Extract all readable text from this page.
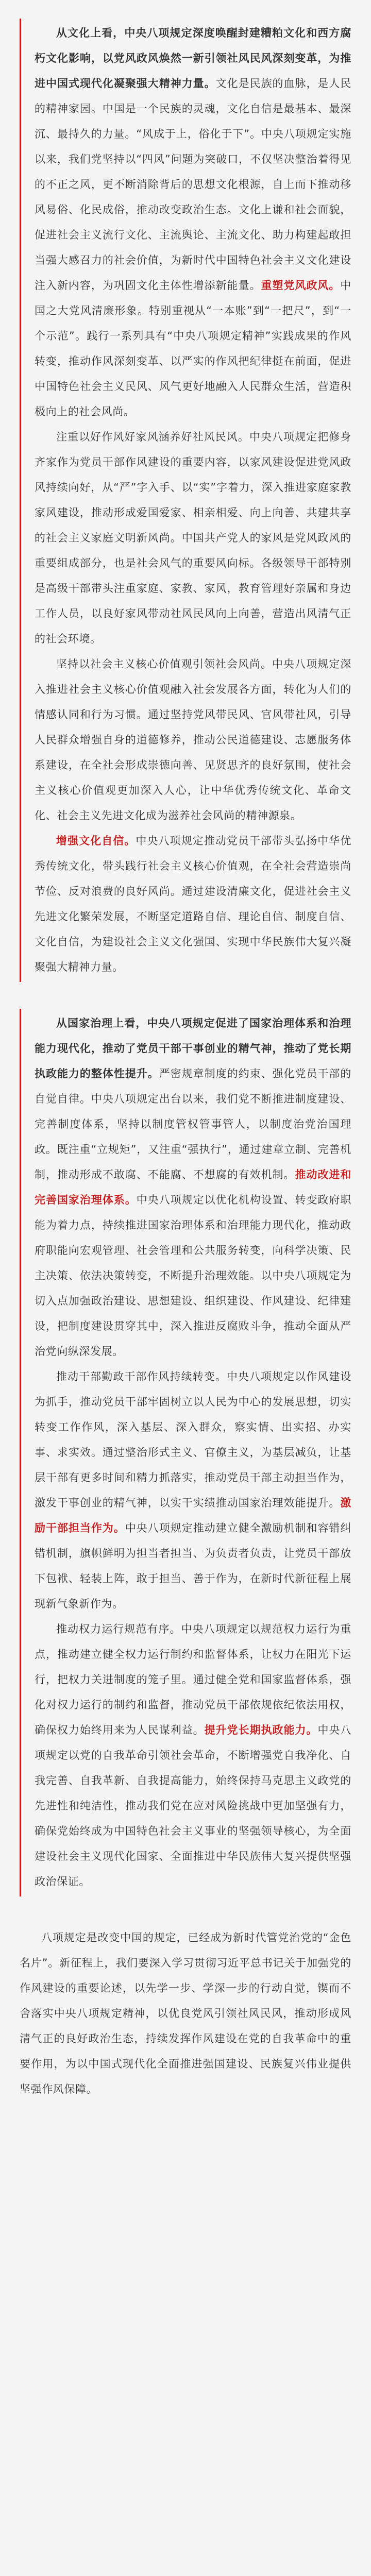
从文化上看，中央八项规定深度唤醒封建糟粕文化和西方腐朽文化影响，以党风政风焕然一新引领社风民风深刻变革，为推进中国式现代化凝聚强大精神力量。文化是民族的血脉，是人民的精神家园。中国是一个民族的灵魂，文化自信是最基本、最深沉、最持久的力量。“风成于上，俗化于下”。中央八项规定实施以来，我们党坚持以“四风”问题为突破口，不仅坚决整治着得见的不正之风，更不断消除背后的思想文化根源，自上而下推动移风易俗、化民成俗，推动改变政治生态。文化上谦和社会面貌，促进社会主义流行文化、主流舆论、主流文化、助力构建起敢担当强大感召力的社会价值，为新时代中国特色社会主义文化建设注入新内容，为巩固文化主体性增添新能量。重塑党风政风。中国之大党风清廉形象。特别重视从“一本账”到“一把尺”，到“一个示范”。践行一系列具有“中央八项规定精神”实践成果的作风转变，推动作风深刻变革、以严实的作风把纪律挺在前面，促进中国特色社会主义民风、风气更好地融入人民群众生活，营造积极向上的社会风尚。

注重以好作风好家风涵养好社风民风。中央八项规定把修身齐家作为党员干部作风建设的重要内容，以家风建设促进党风政风持续向好，从“严”字入手、以“实”字着力，深入推进家庭家教家风建设，推动形成爱国爱家、相亲相爱、向上向善、共建共享的社会主义家庭文明新风尚。中国共产党人的家风是党风政风的重要组成部分，也是社会风气的重要风向标。各级领导干部特别是高级干部带头注重家庭、家教、家风，教育管理好亲属和身边工作人员，以良好家风带动社风民风向上向善，营造出风清气正的社会环境。

坚持以社会主义核心价值观引领社会风尚。中央八项规定深入推进社会主义核心价值观融入社会发展各方面，转化为人们的情感认同和行为习惯。通过坚持党风带民风、官风带社风，引导人民群众增强自身的道德修养，推动公民道德建设、志愿服务体系建设，在全社会形成崇德向善、见贤思齐的良好氛围，使社会主义核心价值观更加深入人心，让中华优秀传统文化、革命文化、社会主义先进文化成为滋养社会风尚的精神源泉。

增强文化自信。中央八项规定推动党员干部带头弘扬中华优秀传统文化，带头践行社会主义核心价值观，在全社会营造崇尚节俭、反对浪费的良好风尚。通过建设清廉文化，促进社会主义先进文化繁荣发展，不断坚定道路自信、理论自信、制度自信、文化自信，为建设社会主义文化强国、实现中华民族伟大复兴凝聚强大精神力量。

从国家治理上看，中央八项规定促进了国家治理体系和治理能力现代化，推动了党员干部干事创业的精气神，推动了党长期执政能力的整体性提升。严密规章制度的约束、强化党员干部的自觉自律。中央八项规定出台以来，我们党不断推进制度建设、完善制度体系，坚持以制度管权管事管人，以制度治党治国理政。既注重“立规矩”，又注重“强执行”，通过建章立制、完善机制，推动形成不敢腐、不能腐、不想腐的有效机制。推动改进和完善国家治理体系。中央八项规定以优化机构设置、转变政府职能为着力点，持续推进国家治理体系和治理能力现代化，推动政府职能向宏观管理、社会管理和公共服务转变，向科学决策、民主决策、依法决策转变，不断提升治理效能。以中央八项规定为切入点加强政治建设、思想建设、组织建设、作风建设、纪律建设，把制度建设贯穿其中，深入推进反腐败斗争，推动全面从严治党向纵深发展。

推动干部勤政干部作风持续转变。中央八项规定以作风建设为抓手，推动党员干部牢固树立以人民为中心的发展思想，切实转变工作作风，深入基层、深入群众，察实情、出实招、办实事、求实效。通过整治形式主义、官僚主义，为基层减负，让基层干部有更多时间和精力抓落实，推动党员干部主动担当作为，激发干事创业的精气神，以实干实绩推动国家治理效能提升。激励干部担当作为。中央八项规定推动建立健全激励机制和容错纠错机制，旗帜鲜明为担当者担当、为负责者负责，让党员干部放下包袱、轻装上阵，敢于担当、善于作为，在新时代新征程上展现新气象新作为。

推动权力运行规范有序。中央八项规定以规范权力运行为重点，推动建立健全权力运行制约和监督体系，让权力在阳光下运行，把权力关进制度的笼子里。通过健全党和国家监督体系，强化对权力运行的制约和监督，推动党员干部依规依纪依法用权，确保权力始终用来为人民谋利益。提升党长期执政能力。中央八项规定以党的自我革命引领社会革命，不断增强党自我净化、自我完善、自我革新、自我提高能力，始终保持马克思主义政党的先进性和纯洁性，推动我们党在应对风险挑战中更加坚强有力，确保党始终成为中国特色社会主义事业的坚强领导核心，为全面建设社会主义现代化国家、全面推进中华民族伟大复兴提供坚强政治保证。

八项规定是改变中国的规定，已经成为新时代管党治党的“金色名片”。新征程上，我们要深入学习贯彻习近平总书记关于加强党的作风建设的重要论述，以先学一步、学深一步的行动自觉，锲而不舍落实中央八项规定精神，以优良党风引领社风民风，推动形成风清气正的良好政治生态，持续发挥作风建设在党的自我革命中的重要作用，为以中国式现代化全面推进强国建设、民族复兴伟业提供坚强作风保障。
